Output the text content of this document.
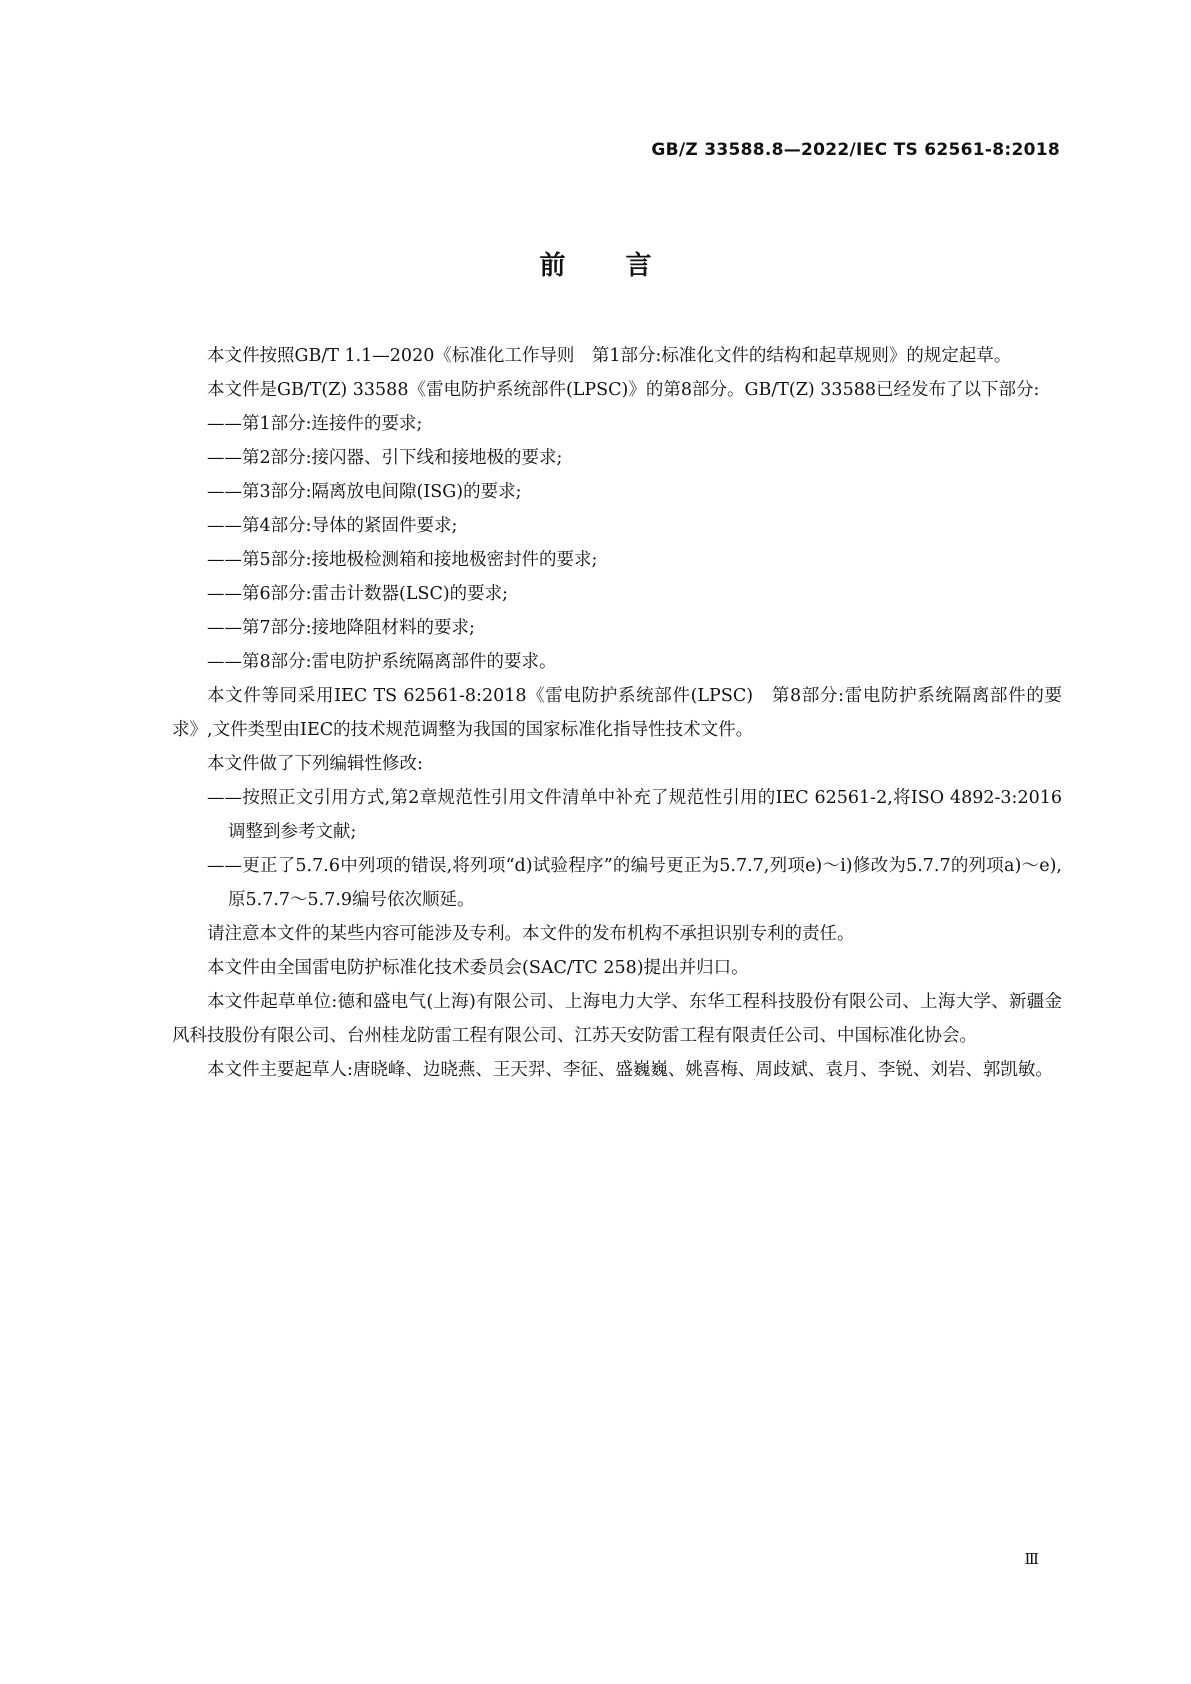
GB/Z 33588.8—2022/IEC TS 62561-8:2018
前言

本文件按照GB/T 1.1—2020《标准化工作导则　第1部分:标准化文件的结构和起草规则》的规定起草。

本文件是GB/T(Z) 33588《雷电防护系统部件(LPSC)》的第8部分。GB/T(Z) 33588已经发布了以下部分:

——第1部分:连接件的要求;

——第2部分:接闪器、引下线和接地极的要求;

——第3部分:隔离放电间隙(ISG)的要求;

——第4部分:导体的紧固件要求;

——第5部分:接地极检测箱和接地极密封件的要求;

——第6部分:雷击计数器(LSC)的要求;

——第7部分:接地降阻材料的要求;

——第8部分:雷电防护系统隔离部件的要求。

本文件等同采用IEC TS 62561-8:2018《雷电防护系统部件(LPSC)　第8部分:雷电防护系统隔离部件的要求》,文件类型由IEC的技术规范调整为我国的国家标准化指导性技术文件。

本文件做了下列编辑性修改:

——按照正文引用方式,第2章规范性引用文件清单中补充了规范性引用的IEC 62561-2,将ISO 4892-3:2016调整到参考文献;

——更正了5.7.6中列项的错误,将列项“d)试验程序”的编号更正为5.7.7,列项e)～i)修改为5.7.7的列项a)～e),原5.7.7～5.7.9编号依次顺延。

请注意本文件的某些内容可能涉及专利。本文件的发布机构不承担识别专利的责任。

本文件由全国雷电防护标准化技术委员会(SAC/TC 258)提出并归口。

本文件起草单位:德和盛电气(上海)有限公司、上海电力大学、东华工程科技股份有限公司、上海大学、新疆金风科技股份有限公司、台州桂龙防雷工程有限公司、江苏天安防雷工程有限责任公司、中国标准化协会。

本文件主要起草人:唐晓峰、边晓燕、王天羿、李征、盛巍巍、姚喜梅、周歧斌、袁月、李锐、刘岩、郭凯敏。

Ⅲ
